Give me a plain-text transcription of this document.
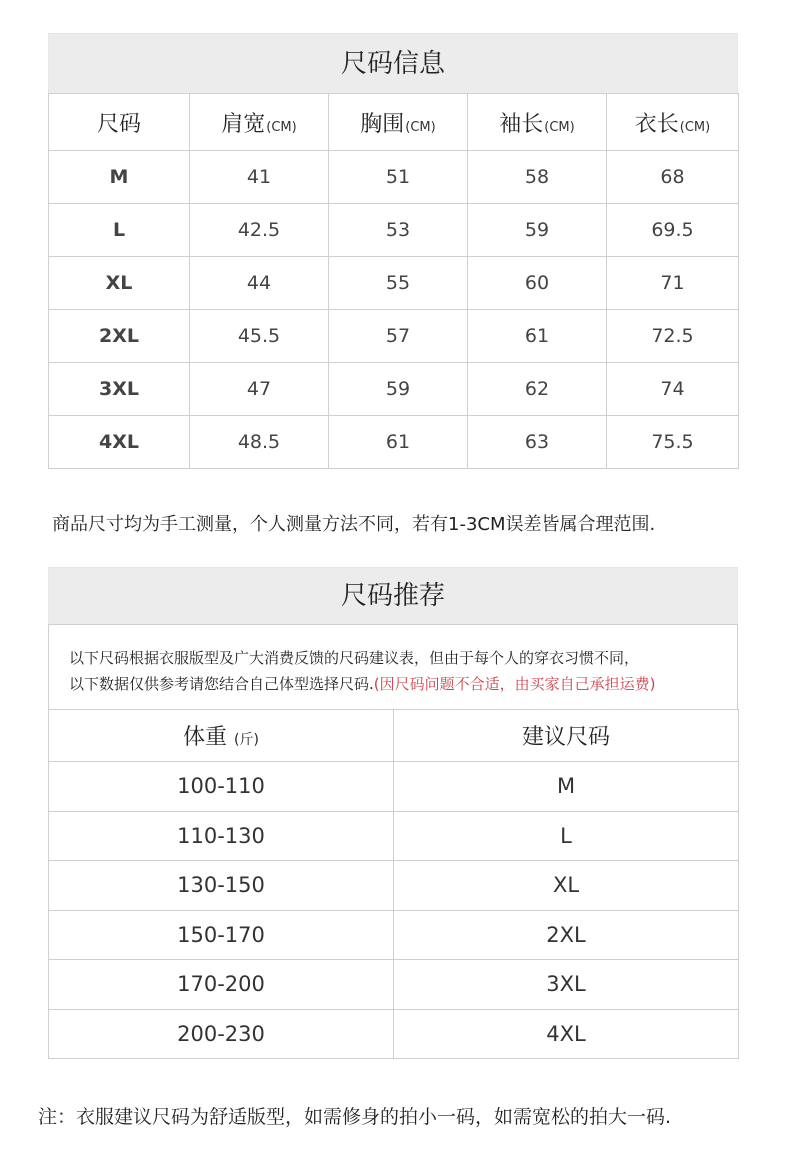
尺码信息
尺码	肩宽(CM)	胸围(CM)	袖长(CM)	衣长(CM)
M	41	51	58	68
L	42.5	53	59	69.5
XL	44	55	60	71
2XL	45.5	57	61	72.5
3XL	47	59	62	74
4XL	48.5	61	63	75.5
商品尺寸均为手工测量，个人测量方法不同，若有1-3CM误差皆属合理范围.
尺码推荐
以下尺码根据衣服版型及广大消费反馈的尺码建议表，但由于每个人的穿衣习惯不同，
以下数据仅供参考请您结合自己体型选择尺码.(因尺码问题不合适，由买家自己承担运费)
体重 (斤)	建议尺码
100-110	M
110-130	L
130-150	XL
150-170	2XL
170-200	3XL
200-230	4XL
注：衣服建议尺码为舒适版型，如需修身的拍小一码，如需宽松的拍大一码.
